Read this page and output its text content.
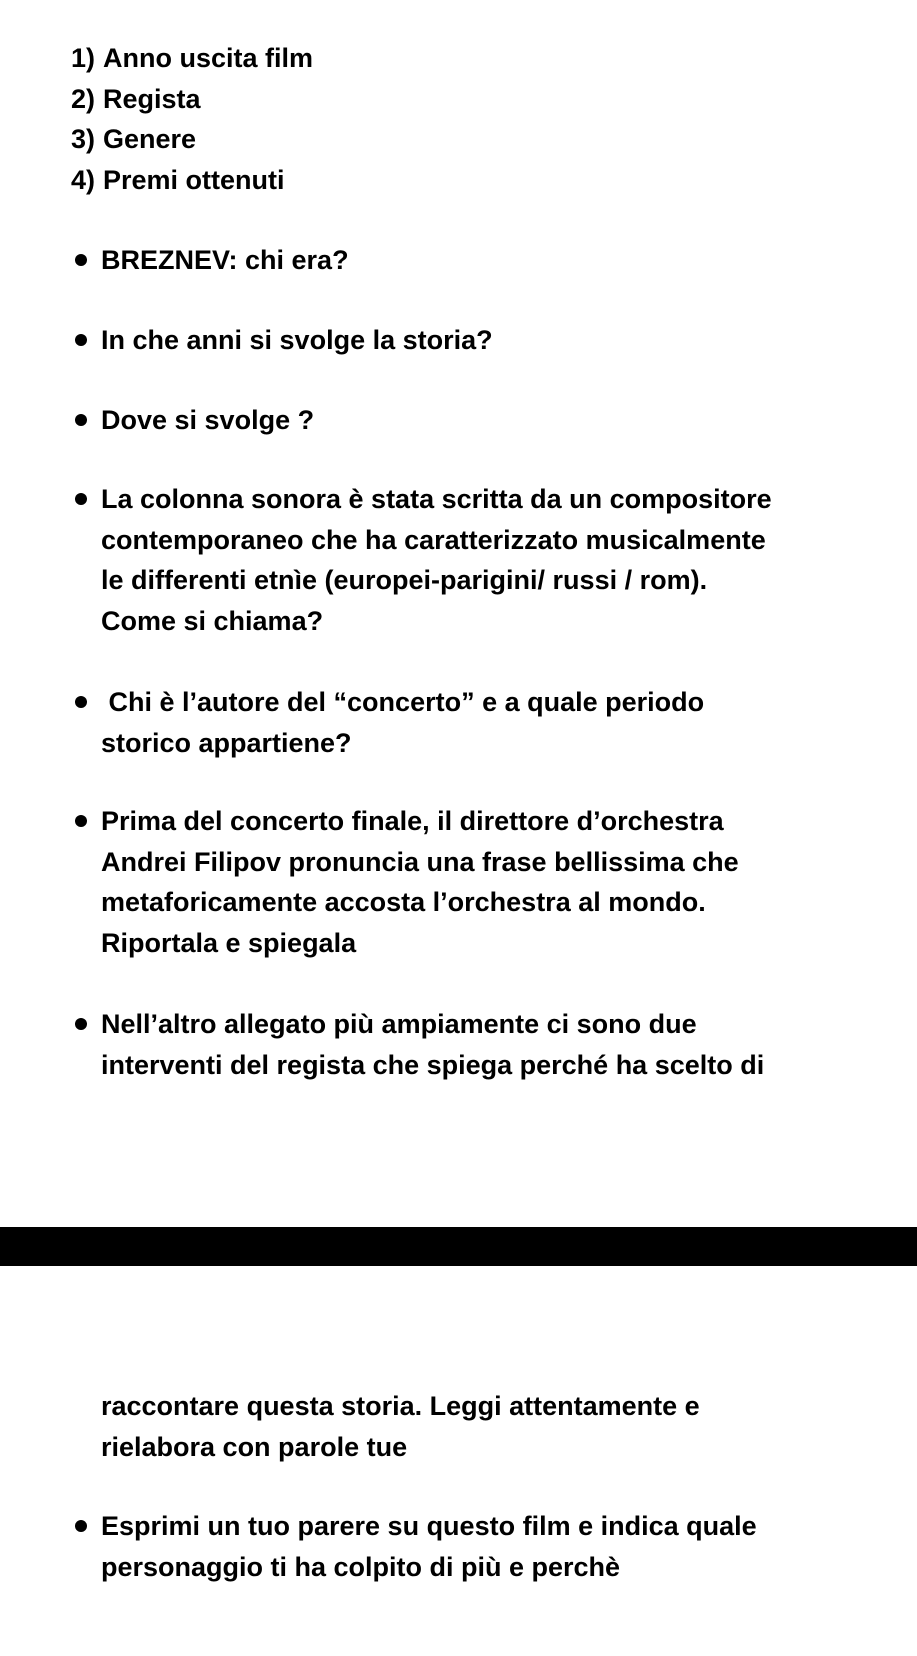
1) Anno uscita film
2) Regista
3) Genere
4) Premi ottenuti
BREZNEV: chi era?
In che anni si svolge la storia?
Dove si svolge ?
La colonna sonora è stata scritta da un compositore
contemporaneo che ha caratterizzato musicalmente
le differenti etnìe (europei-parigini/ russi / rom).
Come si chiama?
Chi è l’autore del “concerto” e a quale periodo
storico appartiene?
Prima del concerto finale, il direttore d’orchestra
Andrei Filipov pronuncia una frase bellissima che
metaforicamente accosta l’orchestra al mondo.
Riportala e spiegala
Nell’altro allegato più ampiamente ci sono due
interventi del regista che spiega perché ha scelto di
raccontare questa storia. Leggi attentamente e
rielabora con parole tue
Esprimi un tuo parere su questo film e indica quale
personaggio ti ha colpito di più e perchè
